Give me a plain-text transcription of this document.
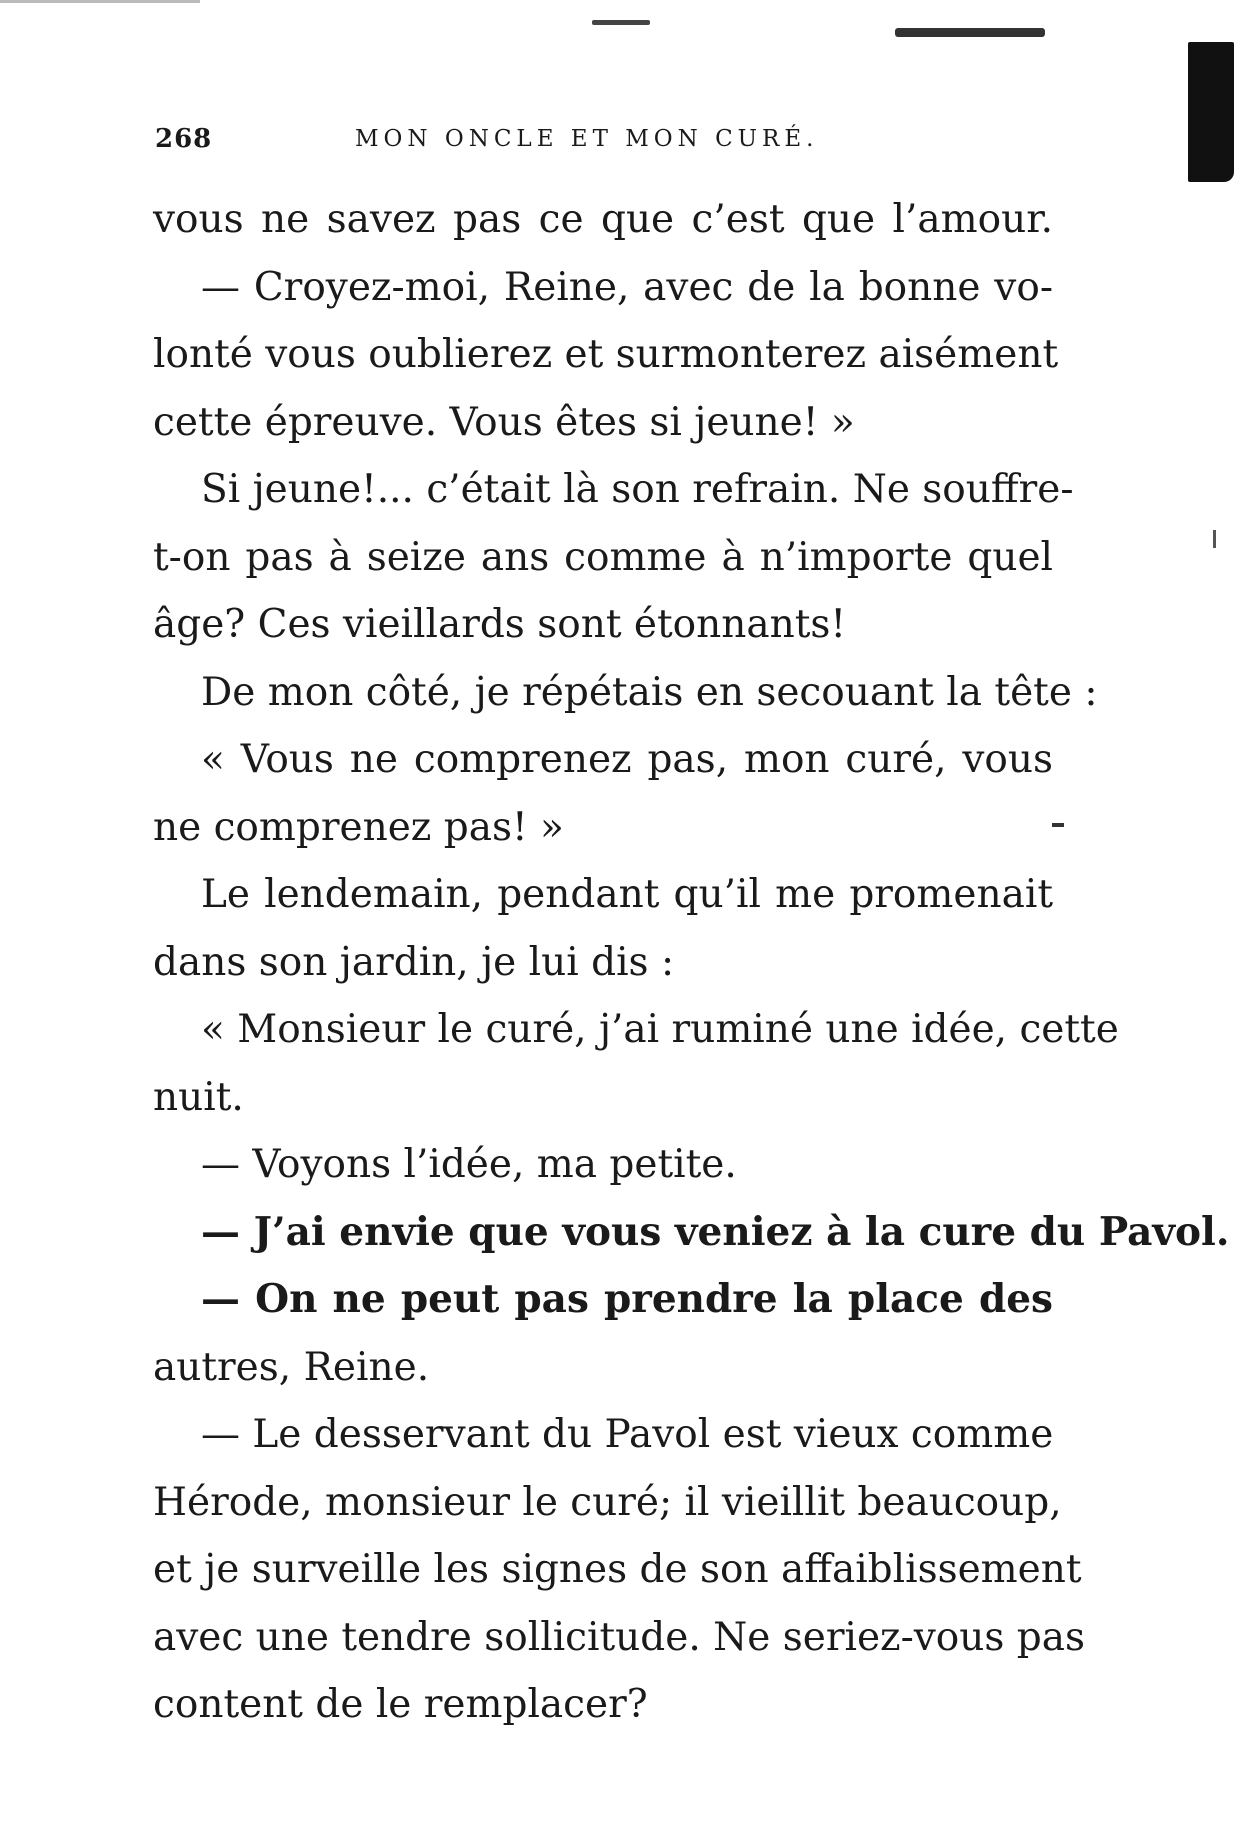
268	MON ONCLE ET MON CURÉ.
vous ne savez pas ce que c’est que l’amour.
— Croyez-moi, Reine, avec de la bonne vo-
lonté vous oublierez et surmonterez aisément
cette épreuve. Vous êtes si jeune! »
Si jeune!... c’était là son refrain. Ne souffre-
t-on pas à seize ans comme à n’importe quel
âge? Ces vieillards sont étonnants!
De mon côté, je répétais en secouant la tête :
« Vous ne comprenez pas, mon curé, vous
ne comprenez pas! »
Le lendemain, pendant qu’il me promenait
dans son jardin, je lui dis :
« Monsieur le curé, j’ai ruminé une idée, cette
nuit.
— Voyons l’idée, ma petite.
— J’ai envie que vous veniez à la cure du Pavol.
— On ne peut pas prendre la place des
autres, Reine.
— Le desservant du Pavol est vieux comme
Hérode, monsieur le curé; il vieillit beaucoup,
et je surveille les signes de son affaiblissement
avec une tendre sollicitude. Ne seriez-vous pas
content de le remplacer?
